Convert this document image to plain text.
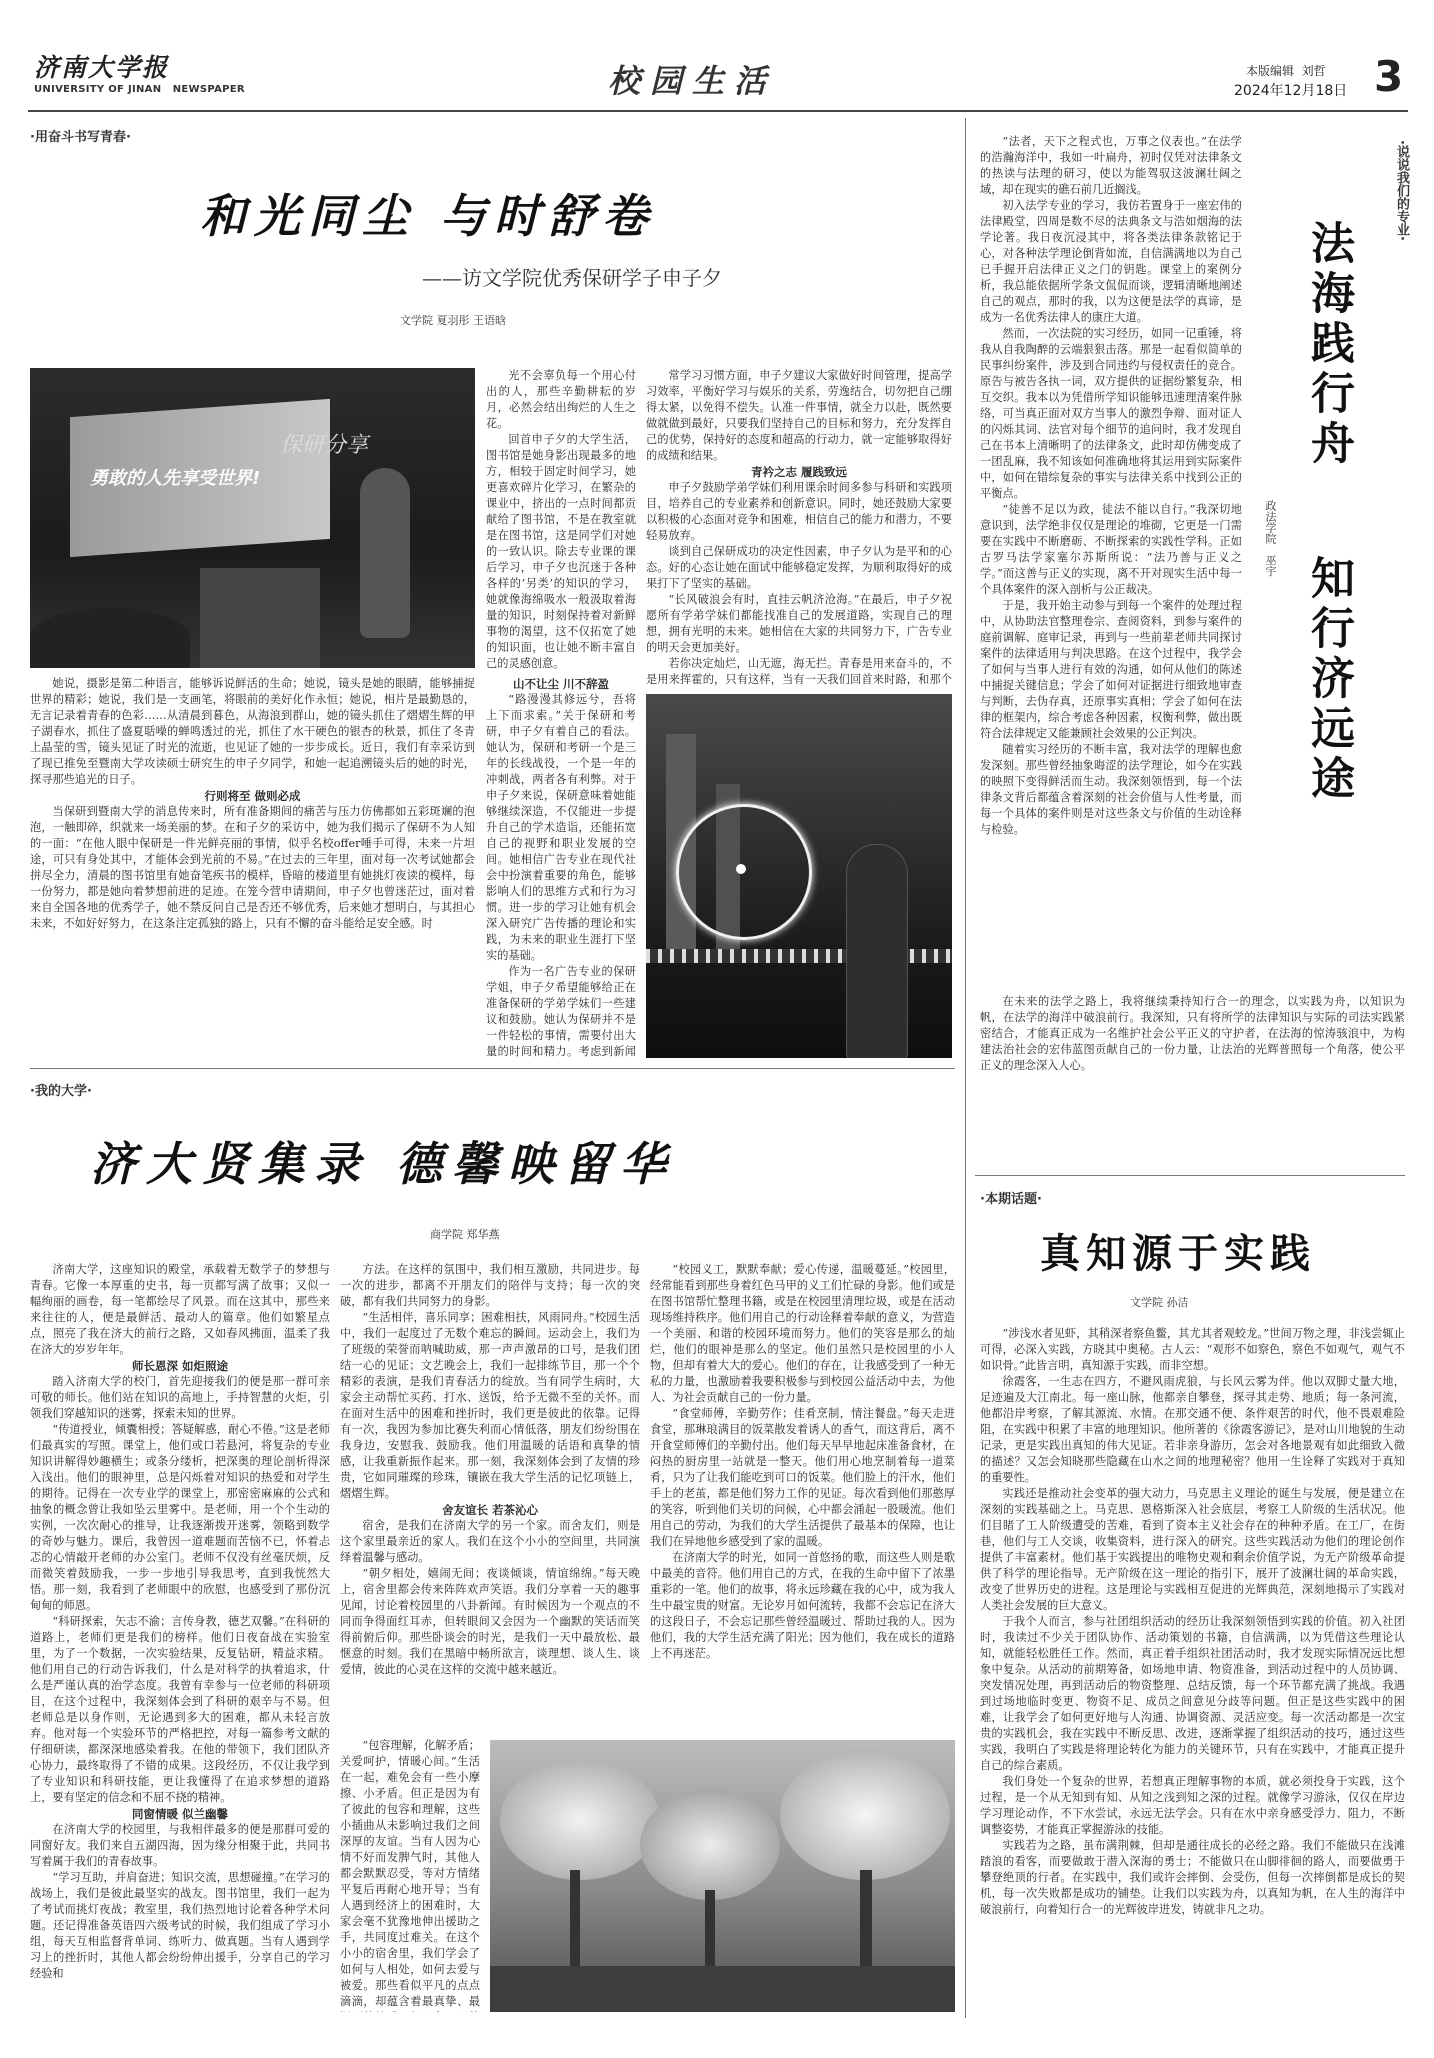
济南大学报
UNIVERSITY OF JINAN   NEWSPAPER	校园生活	本版编辑  刘哲
2024年12月18日 3
·用奋斗书写青春·
和光同尘 与时舒卷
——访文学院优秀保研学子申子夕
文学院 夏羽彤 王语晗
勇敢的人先享受世界!
保研分享

她说，摄影是第二种语言，能够诉说鲜活的生命；她说，镜头是她的眼睛，能够捕捉世界的精彩；她说，我们是一支画笔，将眼前的美好化作永恒；她说，相片是最勤恳的，无言记录着青春的色彩……从清晨到暮色，从海浪到群山，她的镜头抓住了熠熠生辉的甲子湖春水，抓住了盛夏聒噪的蝉鸣透过的光，抓住了水干硬色的银杏的秋景，抓住了冬青上晶莹的雪，镜头见证了时光的流逝，也见证了她的一步步成长。近日，我们有幸采访到了现已推免至暨南大学攻读硕士研究生的申子夕同学，和她一起追溯镜头后的她的时光，探寻那些追光的日子。

行则将至 做则必成

当保研到暨南大学的消息传来时，所有准备期间的痛苦与压力仿佛都如五彩斑斓的泡泡，一触即碎，织就来一场美丽的梦。在和子夕的采访中，她为我们揭示了保研不为人知的一面：“在他人眼中保研是一件光鲜亮丽的事情，似乎名校offer唾手可得，未来一片坦途，可只有身处其中，才能体会到光前的不易。”在过去的三年里，面对每一次考试她都会拼尽全力，清晨的图书馆里有她奋笔疾书的模样，昏暗的楼道里有她挑灯夜读的模样，每一份努力，都是她向着梦想前进的足迹。在笼今营申请期间，申子夕也曾迷茫过，面对着来自全国各地的优秀学子，她不禁反问自己是否还不够优秀，后来她才想明白，与其担心未来，不如好好努力，在这条注定孤独的路上，只有不懈的奋斗能给足安全感。时

光不会辜负每一个用心付出的人，那些辛勤耕耘的岁月，必然会结出绚烂的人生之花。

回首申子夕的大学生活，图书馆是她身影出现最多的地方，相较于固定时间学习，她更喜欢碎片化学习，在繁杂的课业中，挤出的一点时间都贡献给了图书馆，不是在教室就是在图书馆，这是同学们对她的一致认识。除去专业课的课后学习，申子夕也沉迷于各种各样的‘另类’的知识的学习，她就像海绵吸水一般汲取着海量的知识，时刻保持着对新鲜事物的渴望，这不仅拓宽了她的知识面，也让她不断丰富自己的灵感创意。

山不让尘 川不辞盈

“路漫漫其修远兮，吾将上下而求索。”关于保研和考研，申子夕有着自己的看法。她认为，保研和考研一个是三年的长线战役，一个是一年的冲刺战，两者各有利弊。对于申子夕来说，保研意味着她能够继续深造，不仅能进一步提升自己的学术造诣，还能拓宽自己的视野和职业发展的空间。她相信广告专业在现代社会中扮演着重要的角色，能够影响人们的思维方式和行为习惯。进一步的学习让她有机会深入研究广告传播的理论和实践，为未来的职业生涯打下坚实的基础。

作为一名广告专业的保研学姐，申子夕希望能够给正在准备保研的学弟学妹们一些建议和鼓励。她认为保研并不是一件轻松的事情，需要付出大量的时间和精力。考虑到新闻

常学习习惯方面，申子夕建议大家做好时间管理，提高学习效率，平衡好学习与娱乐的关系，劳逸结合，切勿把自己绷得太紧，以免得不偿失。认准一件事情，就全力以赴，既然要做就做到最好，只要我们坚持自己的目标和努力，充分发挥自己的优势，保持好的态度和超高的行动力，就一定能够取得好的成绩和结果。

青衿之志 履践致远

申子夕鼓励学弟学妹们利用课余时间多参与科研和实践项目，培养自己的专业素养和创新意识。同时，她还鼓励大家要以积极的心态面对竞争和困难，相信自己的能力和潜力，不要轻易放弃。

谈到自己保研成功的决定性因素，申子夕认为是平和的心态。好的心态让她在面试中能够稳定发挥，为顺利取得好的成果打下了坚实的基础。

“长风破浪会有时，直挂云帆济沧海。”在最后，申子夕祝愿所有学弟学妹们都能找准自己的发展道路，实现自己的理想，拥有光明的未来。她相信在大家的共同努力下，广告专业的明天会更加美好。

若你决定灿烂，山无遮，海无拦。青春是用来奋斗的，不是用来挥霍的，只有这样，当有一天我们回首来时路，和那个

·我的大学·
济大贤集录 德馨映留华
商学院 郑华燕

济南大学，这座知识的殿堂，承载着无数学子的梦想与青春。它像一本厚重的史书，每一页都写满了故事；又似一幅绚丽的画卷，每一笔都绘尽了风景。而在这其中，那些来来往往的人，便是最鲜活、最动人的篇章。他们如繁星点点，照亮了我在济大的前行之路，又如春风拂面，温柔了我在济大的岁岁年年。

师长恩深 如炬照途

踏入济南大学的校门，首先迎接我们的便是那一群可亲可敬的师长。他们站在知识的高地上，手持智慧的火炬，引领我们穿越知识的迷雾，探索未知的世界。

“传道授业，倾囊相授；答疑解惑，耐心不倦。”这是老师们最真实的写照。课堂上，他们或口若悬河，将复杂的专业知识讲解得妙趣横生；或条分缕析，把深奥的理论剖析得深入浅出。他们的眼神里，总是闪烁着对知识的热爱和对学生的期待。记得在一次专业学的课堂上，那密密麻麻的公式和抽象的概念曾让我如坠云里雾中。是老师，用一个个生动的实例，一次次耐心的推导，让我逐渐拨开迷雾，领略到数学的奇妙与魅力。课后，我曾因一道难题而苦恼不已，怀着忐忑的心情敲开老师的办公室门。老师不仅没有丝毫厌烦，反而微笑着鼓励我，一步一步地引导我思考，直到我恍然大悟。那一刻，我看到了老师眼中的欣慰，也感受到了那份沉甸甸的师恩。

“科研探索，矢志不渝；言传身教，德艺双馨。”在科研的道路上，老师们更是我们的榜样。他们日夜奋战在实验室里，为了一个数据，一次实验结果，反复钻研，精益求精。他们用自己的行动告诉我们，什么是对科学的执着追求，什么是严谨认真的治学态度。我曾有幸参与一位老师的科研项目，在这个过程中，我深刻体会到了科研的艰辛与不易。但老师总是以身作则，无论遇到多大的困难，都从未轻言放弃。他对每一个实验环节的严格把控，对每一篇参考文献的仔细研读，都深深地感染着我。在他的带领下，我们团队齐心协力，最终取得了不错的成果。这段经历，不仅让我学到了专业知识和科研技能，更让我懂得了在追求梦想的道路上，要有坚定的信念和不屈不挠的精神。

同窗情暖 似兰幽馨

在济南大学的校园里，与我相伴最多的便是那群可爱的同窗好友。我们来自五湖四海，因为缘分相聚于此，共同书写着属于我们的青春故事。

“学习互助，并肩奋进；知识交流，思想碰撞。”在学习的战场上，我们是彼此最坚实的战友。图书馆里，我们一起为了考试而挑灯夜战；教室里，我们热烈地讨论着各种学术问题。还记得准备英语四六级考试的时候，我们组成了学习小组，每天互相监督背单词、练听力、做真题。当有人遇到学习上的挫折时，其他人都会纷纷伸出援手，分享自己的学习经验和

方法。在这样的氛围中，我们相互激励，共同进步。每一次的进步，都离不开朋友们的陪伴与支持；每一次的突破，都有我们共同努力的身影。

“生活相伴，喜乐同享；困难相扶，风雨同舟。”校园生活中，我们一起度过了无数个难忘的瞬间。运动会上，我们为了班级的荣誉而呐喊助威，那一声声激昂的口号，是我们团结一心的见证；文艺晚会上，我们一起排练节目，那一个个精彩的表演，是我们青春活力的绽放。当有同学生病时，大家会主动帮忙买药、打水、送饭，给予无微不至的关怀。而在面对生活中的困难和挫折时，我们更是彼此的依靠。记得有一次，我因为参加比赛失利而心情低落，朋友们纷纷围在我身边，安慰我、鼓励我。他们用温暖的话语和真挚的情感，让我重新振作起来。那一刻，我深刻体会到了友情的珍贵，它如同璀璨的珍珠，镶嵌在我大学生活的记忆项链上，熠熠生辉。

舍友谊长 若茶沁心

宿舍，是我们在济南大学的另一个家。而舍友们，则是这个家里最亲近的家人。我们在这个小小的空间里，共同演绎着温馨与感动。

“朝夕相处，嬉闹无间；夜谈倾谈，情谊绵绵。”每天晚上，宿舍里都会传来阵阵欢声笑语。我们分享着一天的趣事见闻，讨论着校园里的八卦新闻。有时候因为一个观点的不同而争得面红耳赤，但转眼间又会因为一个幽默的笑话而笑得前俯后仰。那些卧谈会的时光，是我们一天中最放松、最惬意的时刻。我们在黑暗中畅所欲言，谈理想、谈人生、谈爱情，彼此的心灵在这样的交流中越来越近。

“包容理解，化解矛盾；关爱呵护，情暖心间。”生活在一起，难免会有一些小摩擦、小矛盾。但正是因为有了彼此的包容和理解，这些小插曲从未影响过我们之间深厚的友谊。当有人因为心情不好而发脾气时，其他人都会默默忍受，等对方情绪平复后再耐心地开导；当有人遇到经济上的困难时，大家会毫不犹豫地伸出援助之手，共同度过难关。在这个小小的宿舍里，我们学会了如何与人相处，如何去爱与被爱。那些看似平凡的点点滴滴，却蕴含着最真挚、最

“校园义工，默默奉献；爱心传递，温暖蔓延。”校园里，经常能看到那些身着红色马甲的义工们忙碌的身影。他们或是在图书馆帮忙整理书籍，或是在校园里清理垃圾，或是在活动现场维持秩序。他们用自己的行动诠释着奉献的意义，为营造一个美丽、和谐的校园环境而努力。他们的笑容是那么的灿烂，他们的眼神是那么的坚定。他们虽然只是校园里的小人物，但却有着大大的爱心。他们的存在，让我感受到了一种无私的力量，也激励着我要积极参与到校园公益活动中去，为他人、为社会贡献自己的一份力量。

“食堂师傅，辛勤劳作；佳肴烹制，情注餐盘。”每天走进食堂，那琳琅满目的饭菜散发着诱人的香气，而这背后，离不开食堂师傅们的辛勤付出。他们每天早早地起床准备食材，在闷热的厨房里一站就是一整天。他们用心地烹制着每一道菜肴，只为了让我们能吃到可口的饭菜。他们脸上的汗水，他们手上的老茧，都是他们努力工作的见证。每次看到他们那憨厚的笑容，听到他们关切的问候，心中都会涌起一股暖流。他们用自己的劳动，为我们的大学生活提供了最基本的保障，也让我们在异地他乡感受到了家的温暖。

在济南大学的时光，如同一首悠扬的歌，而这些人则是歌中最美的音符。他们用自己的方式，在我的生命中留下了浓墨重彩的一笔。他们的故事，将永远珍藏在我的心中，成为我人生中最宝贵的财富。无论岁月如何流转，我都不会忘记在济大的这段日子，不会忘记那些曾经温暖过、帮助过我的人。因为他们，我的大学生活充满了阳光；因为他们，我在成长的道路上不再迷茫。

·说说我们的专业·
法海践行舟
知行济远途
政法学院   巫宇

“法者，天下之程式也，万事之仪表也。”在法学的浩瀚海洋中，我如一叶扁舟，初时仅凭对法律条文的热读与法理的研习，使以为能驾驭这波澜壮阔之域，却在现实的礁石前几近搁浅。

初入法学专业的学习，我仿若置身于一座宏伟的法律殿堂，四周是数不尽的法典条文与浩如烟海的法学论著。我日夜沉浸其中，将各类法律条款铭记于心，对各种法学理论倒背如流，自信满满地以为自己已手握开启法律正义之门的钥匙。课堂上的案例分析，我总能依据所学条文侃侃而谈，逻辑清晰地阐述自己的观点，那时的我，以为这便是法学的真谛，是成为一名优秀法律人的康庄大道。

然而，一次法院的实习经历，如同一记重锤，将我从自我陶醉的云端狠狠击落。那是一起看似简单的民事纠纷案件，涉及到合同违约与侵权责任的竞合。原告与被告各执一词，双方提供的证据纷繁复杂，相互交织。我本以为凭借所学知识能够迅速理清案件脉络，可当真正面对双方当事人的激烈争辩、面对证人的闪烁其词、法官对每个细节的追问时，我才发现自己在书本上清晰明了的法律条文，此时却仿佛变成了一团乱麻，我不知该如何准确地将其运用到实际案件中，如何在错综复杂的事实与法律关系中找到公正的平衡点。

“徒善不足以为政，徒法不能以自行。”我深切地意识到，法学绝非仅仅是理论的堆砌，它更是一门需要在实践中不断磨砺、不断探索的实践性学科。正如古罗马法学家塞尔苏斯所说：“法乃善与正义之学。”而这善与正义的实现，离不开对现实生活中每一个具体案件的深入剖析与公正裁决。

于是，我开始主动参与到每一个案件的处理过程中，从协助法官整理卷宗、查阅资料，到参与案件的庭前调解、庭审记录，再到与一些前辈老师共同探讨案件的法律适用与判决思路。在这个过程中，我学会了如何与当事人进行有效的沟通，如何从他们的陈述中捕捉关键信息；学会了如何对证据进行细致地审查与判断，去伪存真，还原事实真相；学会了如何在法律的框架内，综合考虑各种因素，权衡利弊，做出既符合法律规定又能兼顾社会效果的公正判决。

随着实习经历的不断丰富，我对法学的理解也愈发深刻。那些曾经抽象晦涩的法学理论，如今在实践的映照下变得鲜活而生动。我深刻领悟到，每一个法律条文背后都蕴含着深刻的社会价值与人性考量，而每一个具体的案件则是对这些条文与价值的生动诠释与检验。

在未来的法学之路上，我将继续秉持知行合一的理念，以实践为舟，以知识为帆，在法学的海洋中破浪前行。我深知，只有将所学的法律知识与实际的司法实践紧密结合，才能真正成为一名维护社会公平正义的守护者，在法海的惊涛骇浪中，为构建法治社会的宏伟蓝图贡献自己的一份力量，让法治的光辉普照每一个角落，使公平正义的理念深入人心。

·本期话题·
真知源于实践
文学院 孙洁

“涉浅水者见虾，其稍深者察鱼鳖，其尤其者观蛟龙。”世间万物之理，非浅尝辄止可得，必深入实践，方晓其中奥秘。古人云：“观形不如察色，察色不如观气，观气不如识骨。”此皆言明，真知源于实践，而非空想。

徐霞客，一生志在四方，不避风雨虎狼，与长风云雾为伴。他以双脚丈量大地，足迹遍及大江南北。每一座山脉，他都亲自攀登，探寻其走势、地质；每一条河流，他都沿岸考察，了解其源流、水情。在那交通不便、条件艰苦的时代，他不畏艰难险阻，在实践中积累了丰富的地理知识。他所著的《徐霞客游记》，是对山川地貌的生动记录，更是实践出真知的伟大见证。若非亲身游历，怎会对各地景观有如此细致入微的描述？又怎会知晓那些隐藏在山水之间的地理秘密？他用一生诠释了实践对于真知的重要性。

实践还是推动社会变革的强大动力，马克思主义理论的诞生与发展，便是建立在深刻的实践基础之上。马克思、恩格斯深入社会底层，考察工人阶级的生活状况。他们目睹了工人阶级遭受的苦难，看到了资本主义社会存在的种种矛盾。在工厂，在街巷，他们与工人交谈，收集资料，进行深入的研究。这些实践活动为他们的理论创作提供了丰富素材。他们基于实践提出的唯物史观和剩余价值学说，为无产阶级革命提供了科学的理论指导。无产阶级在这一理论的指引下，展开了波澜壮阔的革命实践，改变了世界历史的进程。这是理论与实践相互促进的光辉典范，深刻地揭示了实践对人类社会发展的巨大意义。

于我个人而言，参与社团组织活动的经历让我深刻领悟到实践的价值。初入社团时，我读过不少关于团队协作、活动策划的书籍，自信满满，以为凭借这些理论认知，就能轻松胜任工作。然而，真正着手组织社团活动时，我才发现实际情况远比想象中复杂。从活动的前期筹备，如场地申请、物资准备，到活动过程中的人员协调、突发情况处理，再到活动后的物资整理、总结反馈，每一个环节都充满了挑战。我遇到过场地临时变更、物资不足、成员之间意见分歧等问题。但正是这些实践中的困难，让我学会了如何更好地与人沟通、协调资源、灵活应变。每一次活动都是一次宝贵的实践机会，我在实践中不断反思、改进，逐渐掌握了组织活动的技巧，通过这些实践，我明白了实践是将理论转化为能力的关键环节，只有在实践中，才能真正提升自己的综合素质。

我们身处一个复杂的世界，若想真正理解事物的本质，就必须投身于实践，这个过程，是一个从无知到有知、从知之浅到知之深的过程。就像学习游泳，仅仅在岸边学习理论动作，不下水尝试，永远无法学会。只有在水中亲身感受浮力、阻力，不断调整姿势，才能真正掌握游泳的技能。

实践若为之路，虽布满荆棘，但却是通往成长的必经之路。我们不能做只在浅滩踏浪的看客，而要做敢于潜入深海的勇士；不能做只在山脚徘徊的路人，而要做勇于攀登绝顶的行者。在实践中，我们或许会摔倒、会受伤，但每一次摔倒都是成长的契机，每一次失败都是成功的铺垫。让我们以实践为舟，以真知为帆，在人生的海洋中破浪前行，向着知行合一的光辉彼岸进发，铸就非凡之功。
